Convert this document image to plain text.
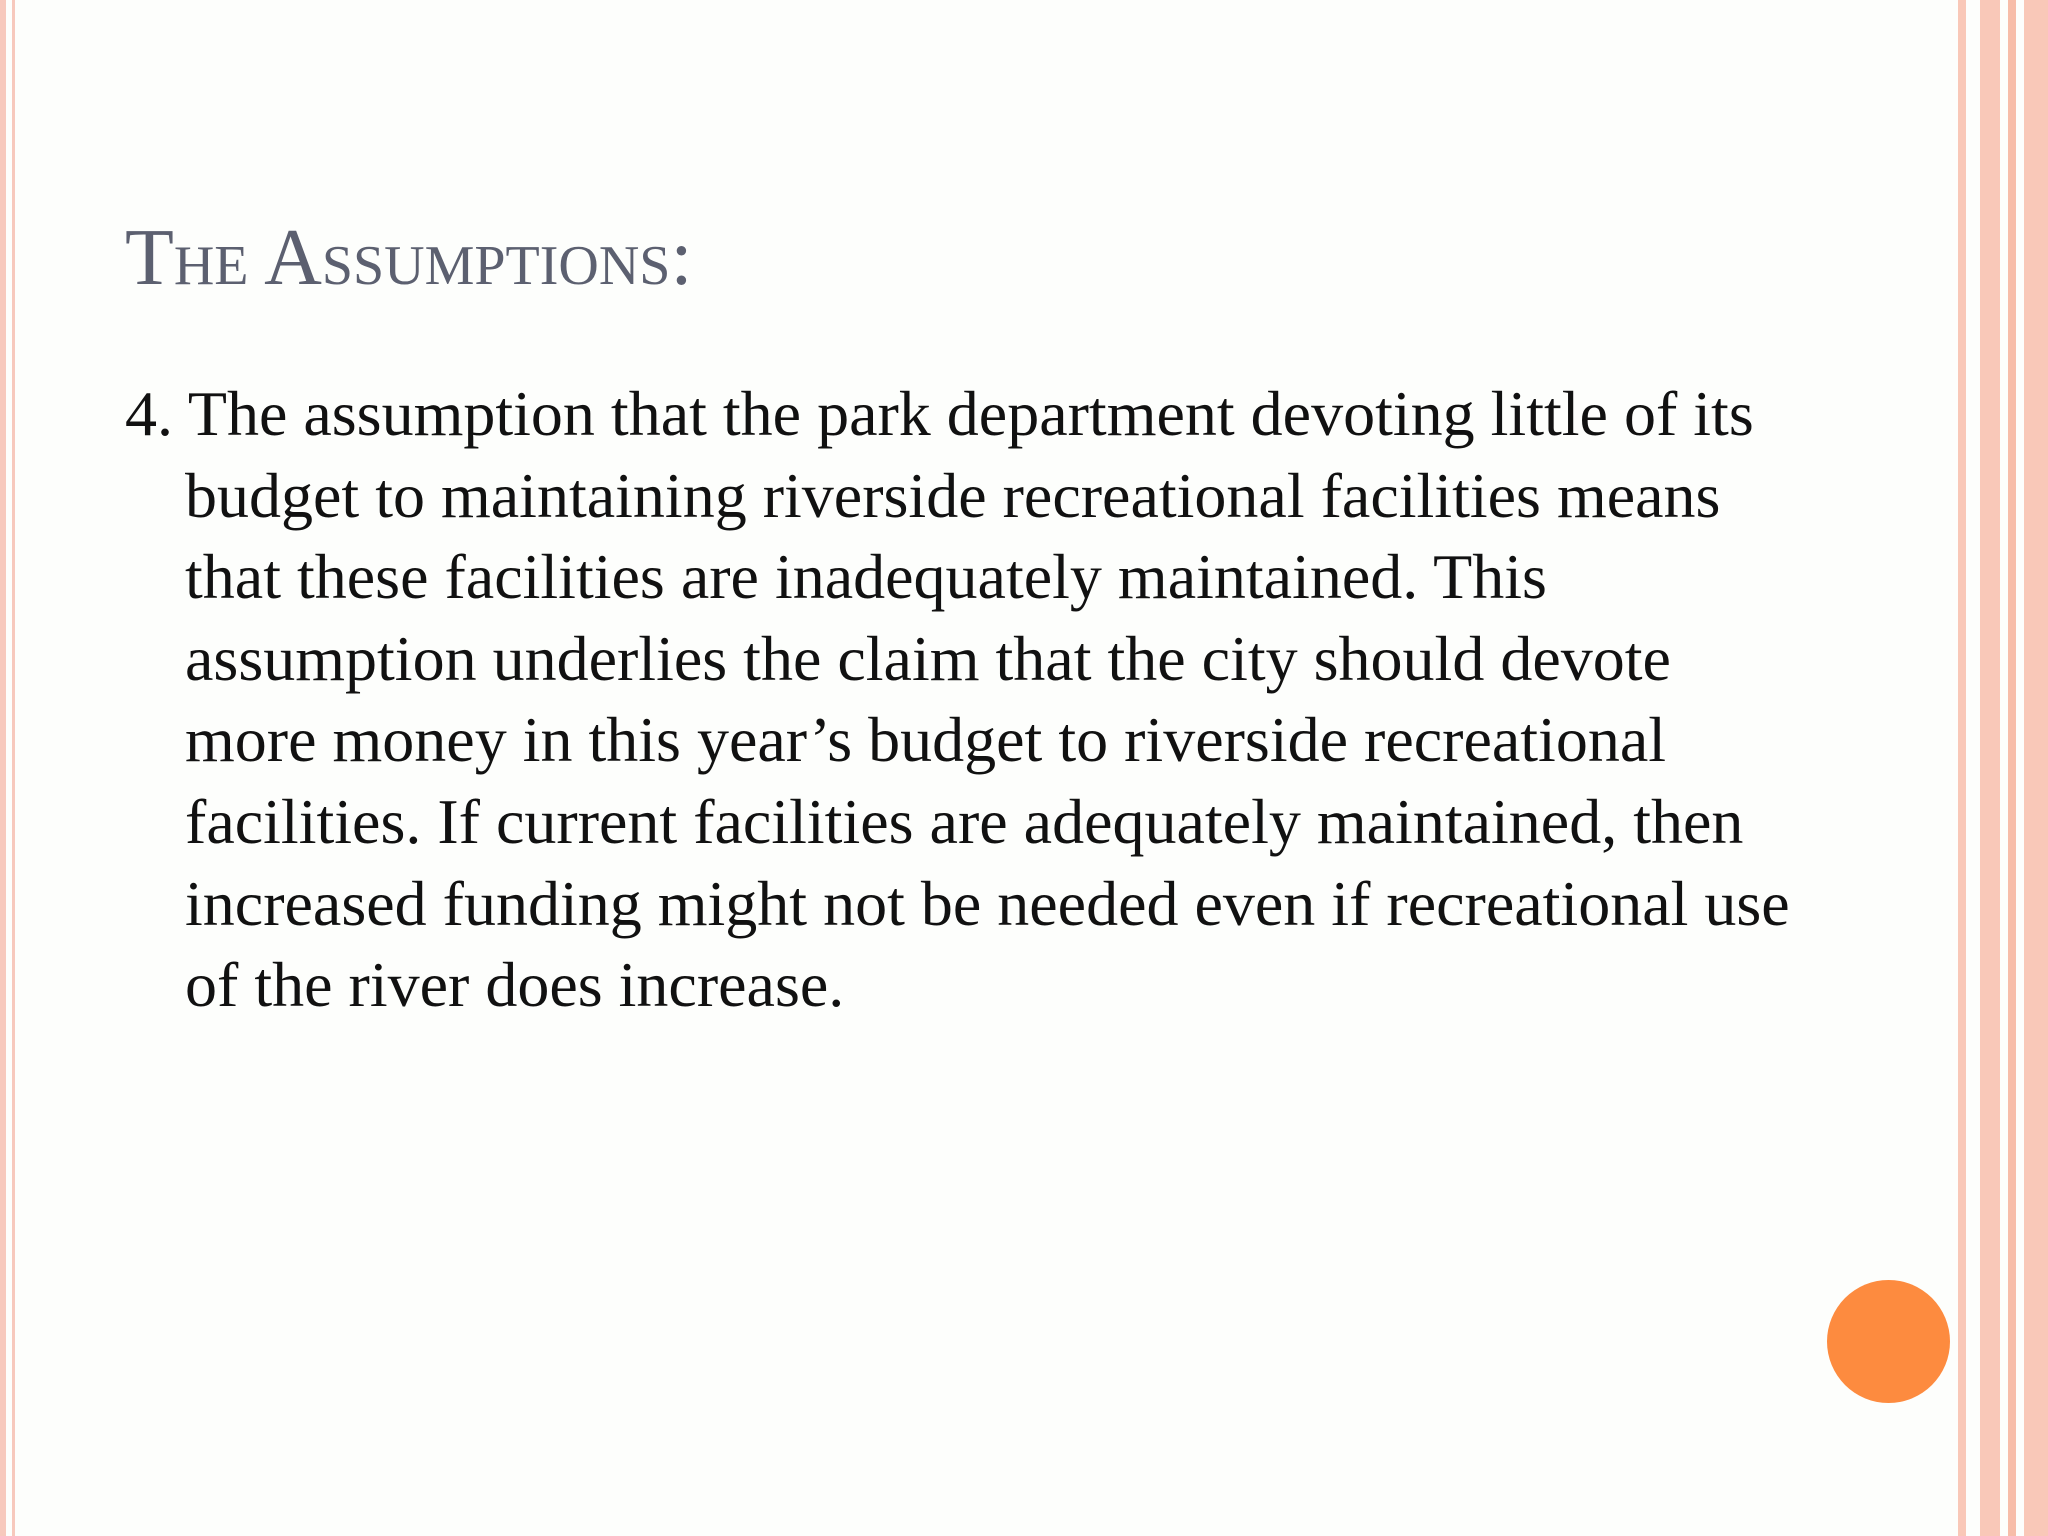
The Assumptions:

4. The assumption that the park department devoting little of its budget to maintaining riverside recreational facilities means that these facilities are inadequately maintained. This assumption underlies the claim that the city should devote more money in this year’s budget to riverside recreational facilities. If current facilities are adequately maintained, then increased funding might not be needed even if recreational use of the river does increase.
